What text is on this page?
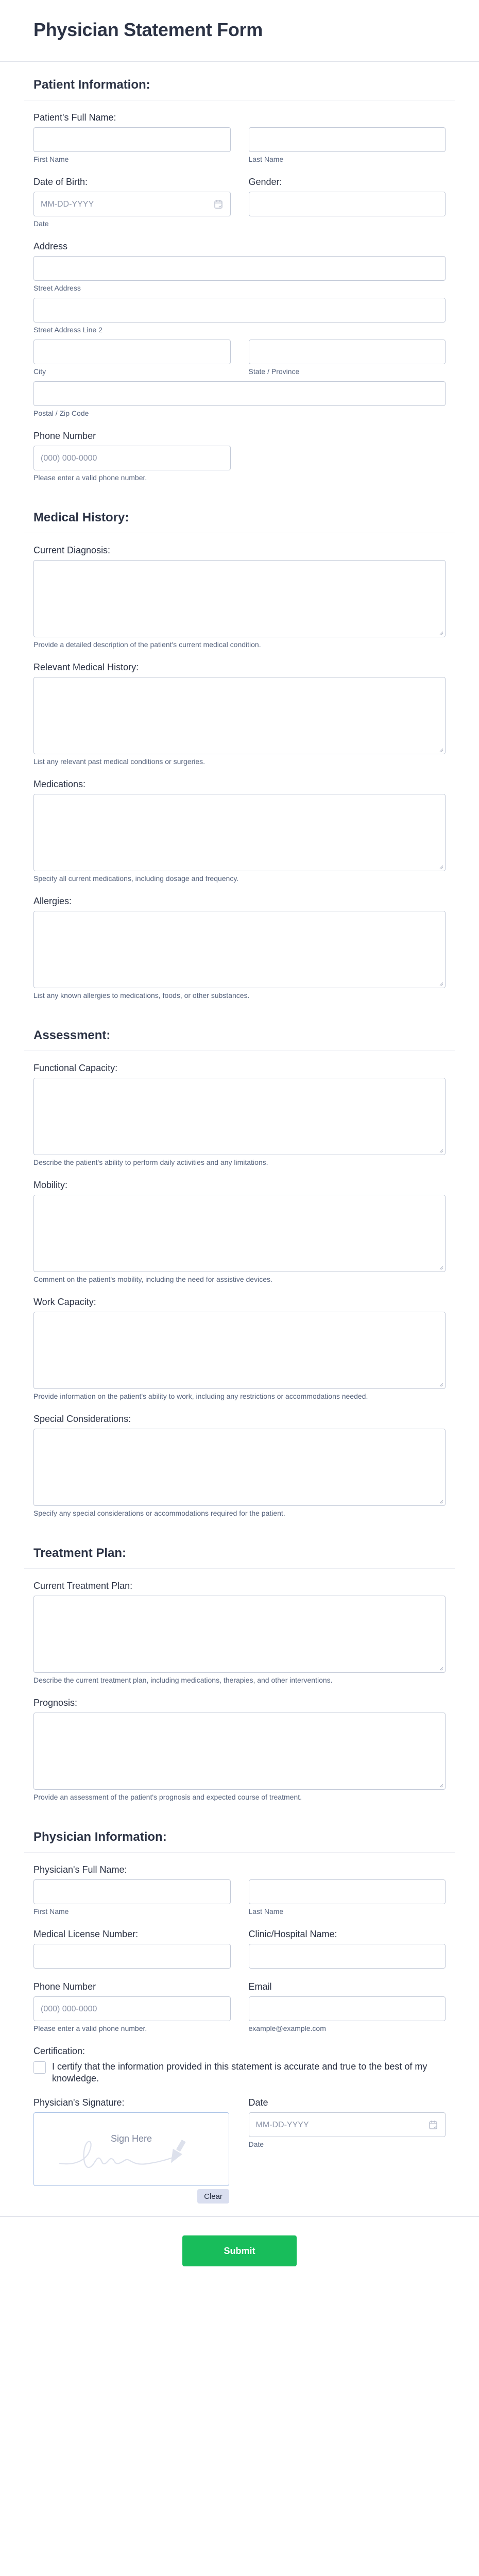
Physician Statement Form
Patient Information:
Patient's Full Name:
First Name	Last Name
Date of Birth:
MM-DD-YYYY
Date
Gender:
Address
Street Address
Street Address Line 2
City	State / Province
Postal / Zip Code
Phone Number
(000) 000-0000
Please enter a valid phone number.
Medical History:
Current Diagnosis:
Provide a detailed description of the patient's current medical condition.
Relevant Medical History:
List any relevant past medical conditions or surgeries.
Medications:
Specify all current medications, including dosage and frequency.
Allergies:
List any known allergies to medications, foods, or other substances.
Assessment:
Functional Capacity:
Describe the patient's ability to perform daily activities and any limitations.
Mobility:
Comment on the patient's mobility, including the need for assistive devices.
Work Capacity:
Provide information on the patient's ability to work, including any restrictions or accommodations needed.
Special Considerations:
Specify any special considerations or accommodations required for the patient.
Treatment Plan:
Current Treatment Plan:
Describe the current treatment plan, including medications, therapies, and other interventions.
Prognosis:
Provide an assessment of the patient's prognosis and expected course of treatment.
Physician Information:
Physician's Full Name:
First Name	Last Name
Medical License Number:	Clinic/Hospital Name:
Phone Number
(000) 000-0000
Please enter a valid phone number.
Email
example@example.com
Certification:
I certify that the information provided in this statement is accurate and true to the best of my knowledge.
Physician's Signature:
Sign Here
Clear
Date
MM-DD-YYYY
Date
Submit
